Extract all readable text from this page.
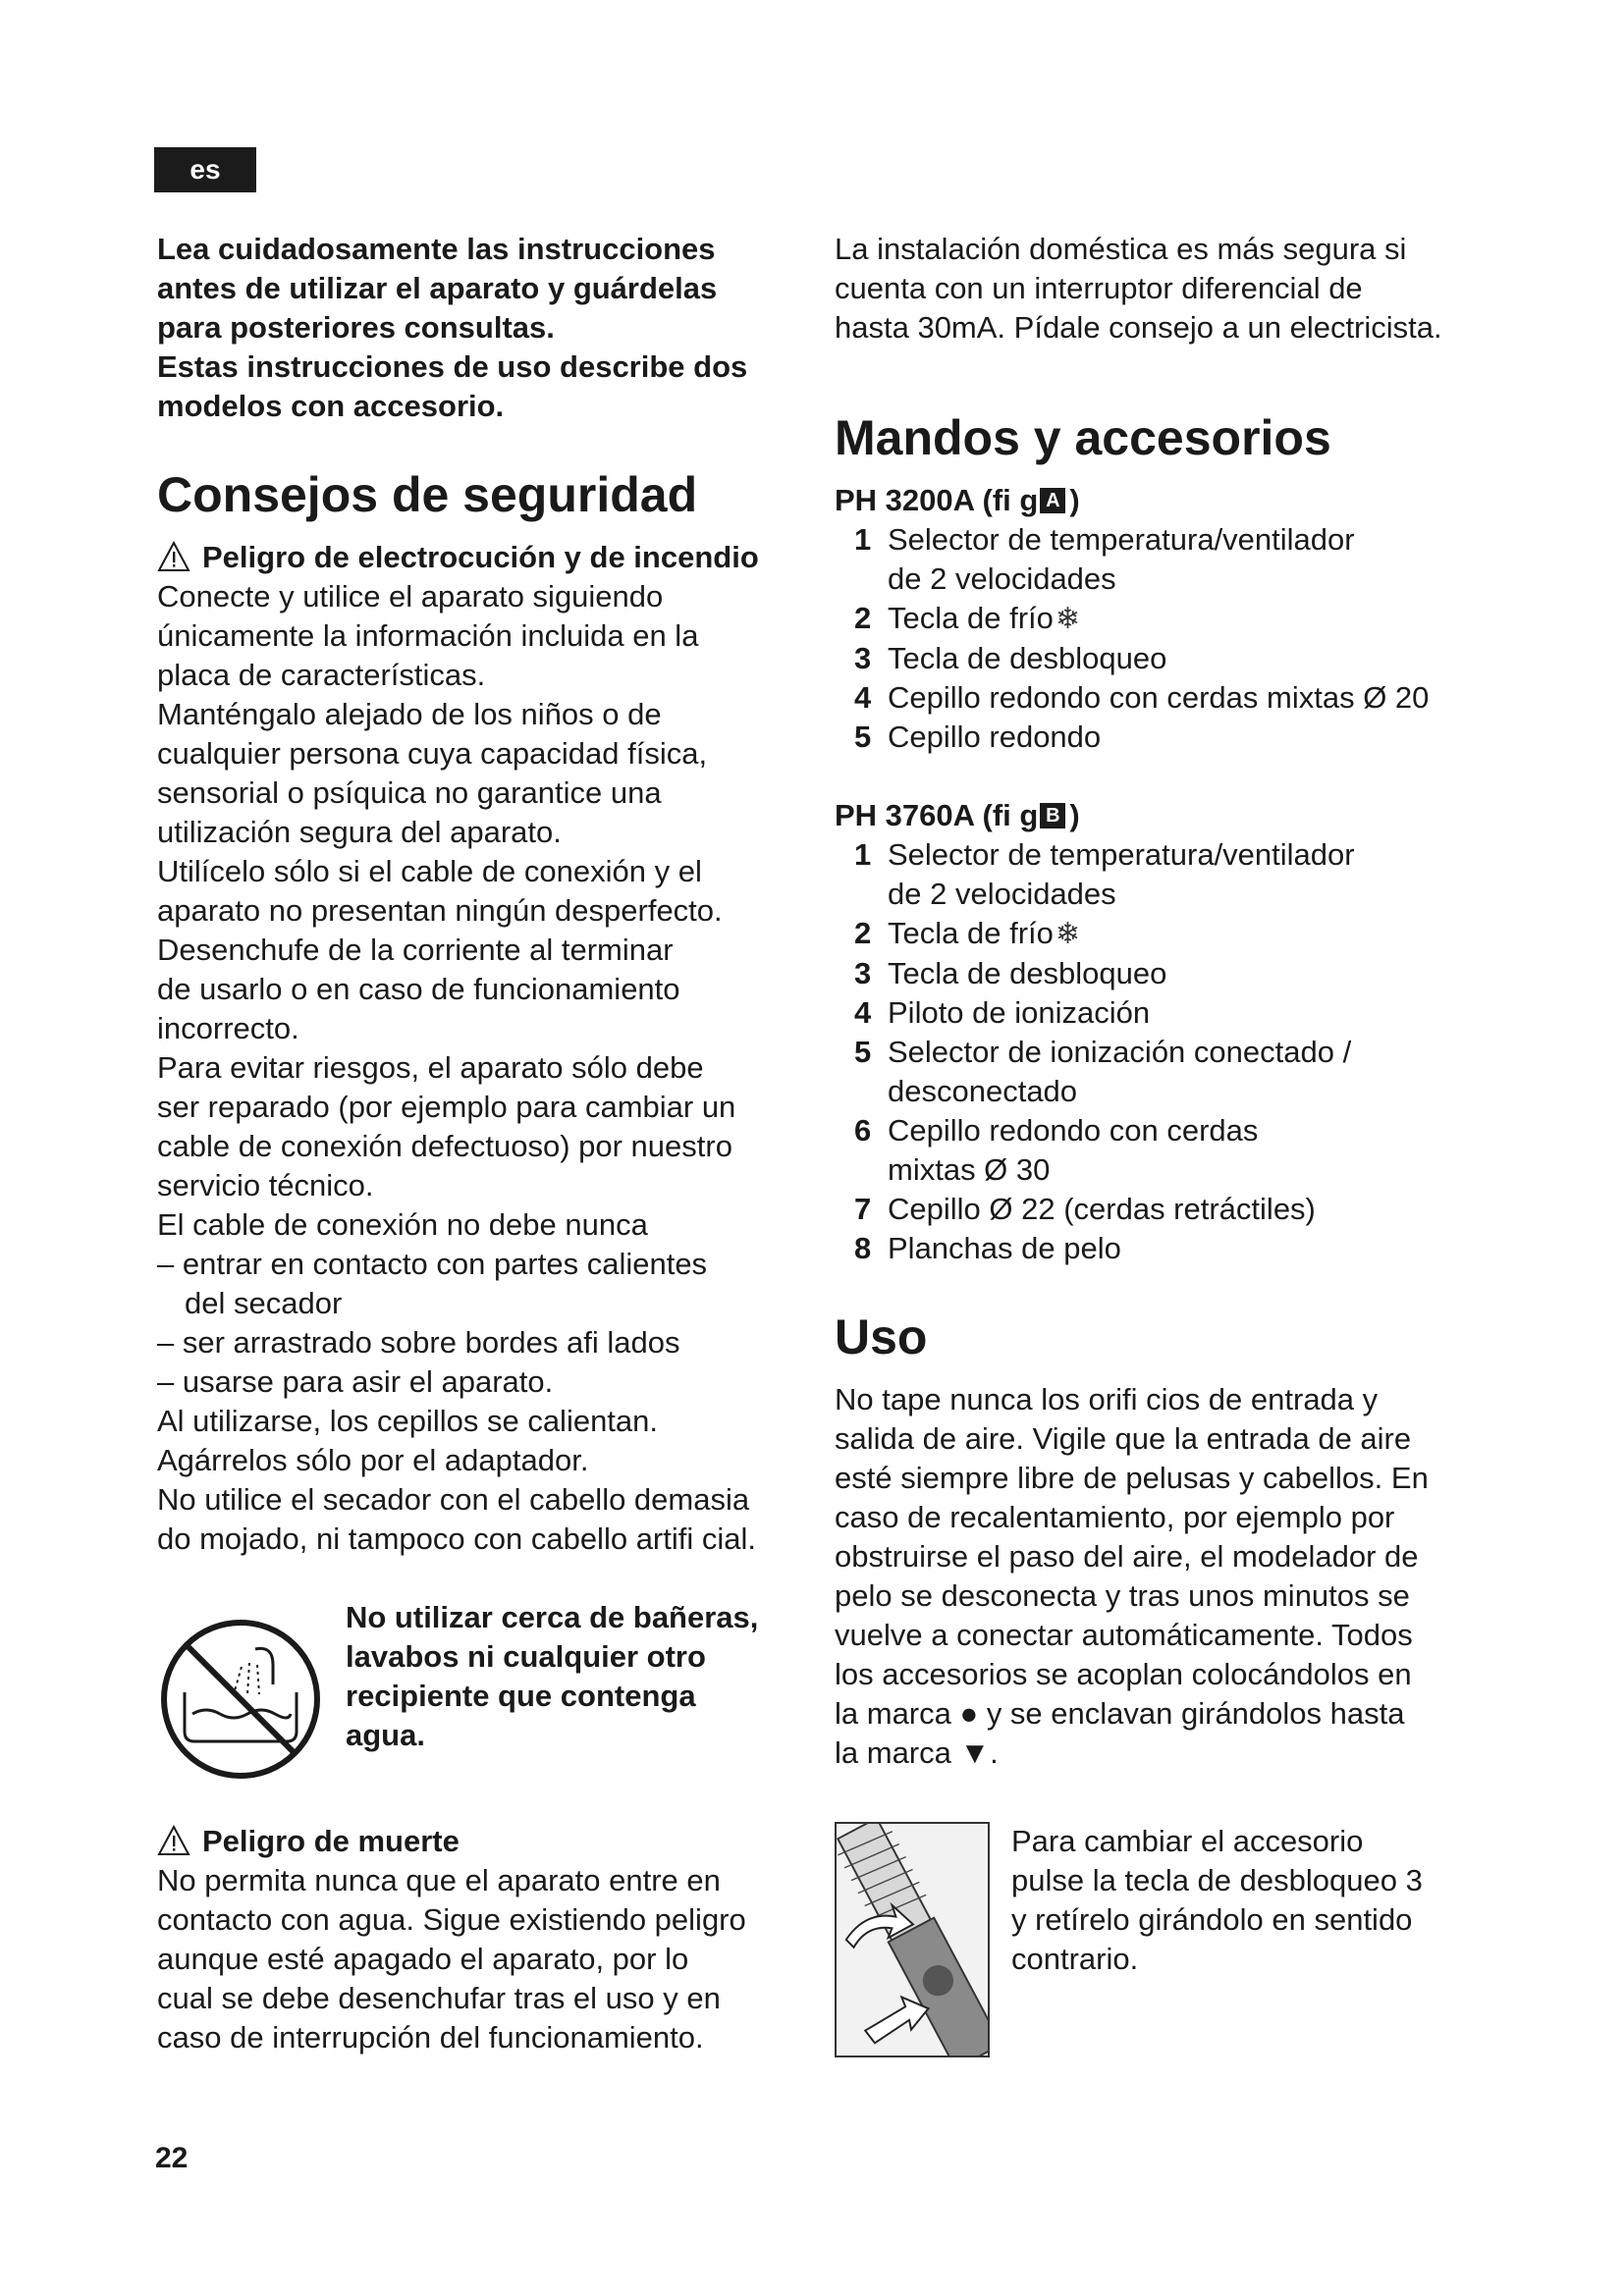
es

Lea cuidadosamente las instrucciones

antes de utilizar el aparato y guárdelas

para posteriores consultas.

Estas instrucciones de uso describe dos

modelos con accesorio.

Consejos de seguridad
Peligro de electrocución y de incendio

Conecte y utilice el aparato siguiendo

únicamente la información incluida en la

placa de características.

Manténgalo alejado de los niños o de

cualquier persona cuya capacidad física,

sensorial o psíquica no garantice una

utilización segura del aparato.

Utilícelo sólo si el cable de conexión y el

aparato no presentan ningún desperfecto.

Desenchufe de la corriente al terminar

de usarlo o en caso de funcionamiento

incorrecto.

Para evitar riesgos, el aparato sólo debe

ser reparado (por ejemplo para cambiar un

cable de conexión defectuoso) por nuestro

servicio técnico.

El cable de conexión no debe nunca

– entrar en contacto con partes calientes

del secador

– ser arrastrado sobre bordes afi lados

– usarse para asir el aparato.

Al utilizarse, los cepillos se calientan.

Agárrelos sólo por el adaptador.

No utilice el secador con el cabello demasia

do mojado, ni tampoco con cabello artifi cial.

No utilizar cerca de bañeras,

lavabos ni cualquier otro

recipiente que contenga

agua.

Peligro de muerte

No permita nunca que el aparato entre en

contacto con agua. Sigue existiendo peligro

aunque esté apagado el aparato, por lo

cual se debe desenchufar tras el uso y en

caso de interrupción del funcionamiento.

La instalación doméstica es más segura si

cuenta con un interruptor diferencial de

hasta 30mA. Pídale consejo a un electricista.

Mandos y accesorios
PH 3200A (fi g A )
1 Selector de temperatura/ventilador
de 2 velocidades
2 Tecla de frío❄
3 Tecla de desbloqueo
4 Cepillo redondo con cerdas mixtas Ø 20
5 Cepillo redondo
PH 3760A (fi g B )
1 Selector de temperatura/ventilador
de 2 velocidades
2 Tecla de frío❄
3 Tecla de desbloqueo
4 Piloto de ionización
5 Selector de ionización conectado /
desconectado
6 Cepillo redondo con cerdas
mixtas Ø 30
7 Cepillo Ø 22 (cerdas retráctiles)
8 Planchas de pelo
Uso

No tape nunca los orifi cios de entrada y

salida de aire. Vigile que la entrada de aire

esté siempre libre de pelusas y cabellos. En

caso de recalentamiento, por ejemplo por

obstruirse el paso del aire, el modelador de

pelo se desconecta y tras unos minutos se

vuelve a conectar automáticamente. Todos

los accesorios se acoplan colocándolos en

la marca ● y se enclavan girándolos hasta

la marca ▼.

Para cambiar el accesorio

pulse la tecla de desbloqueo 3

y retírelo girándolo en sentido

contrario.

22
